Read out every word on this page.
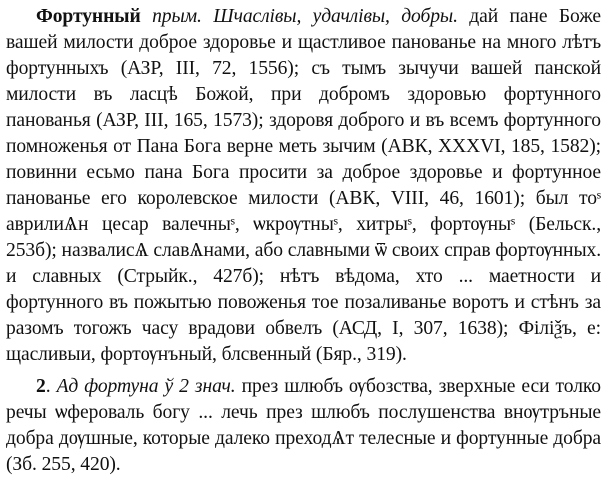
Фортунный прым. Шчаслівы, удачлівы, добры. дай пане Боже вашей милости доброе здоровье и щастливое панованье на много лѣтъ фортунныхъ (АЗР, III, 72, 1556); съ тымъ зычучи вашей панской милости въ ласцѣ Божой, при добромъ здоровью фортунного панованья (АЗР, III, 165, 1573); здоровя доброго и въ всемъ фортунного помноженья от Пана Бога верне меть зычим (АВК, XXXVI, 185, 1582); повинни есьмо пана Бога просити за доброе здоровье и фортунное панованье его королевское милости (АВК, VIII, 46, 1601); был тоˢ аврилиѦн цесар валечныˢ, ѡкрѹтныˢ, хитрыˢ, фортѹныˢ (Бельск., 253б); назвалисѦ славѦнами, або славными ѿ своих справ фортѹнных. и славных (Стрыйк., 427б); нѣтъ вѣдома, хто ... маетности и фортунного въ пожытью повоженья тое позаливанье воротъ и стѣнъ за разомъ тогожъ часу врадови обвелъ (АСД, I, 307, 1638); Філіѯъ, е: щасливыи, фортѹнъный, блсвенный (Бяр., 319).

2. Ад фортуна ў 2 знач. през шлюбъ ѹбозства, зверхные еси толко речы ѡфероваль богу ... лечь през шлюбъ послушенства внѹтръные добра дѹшные, которые далеко преходѦт телесные и фортунные добра (Зб. 255, 420).
